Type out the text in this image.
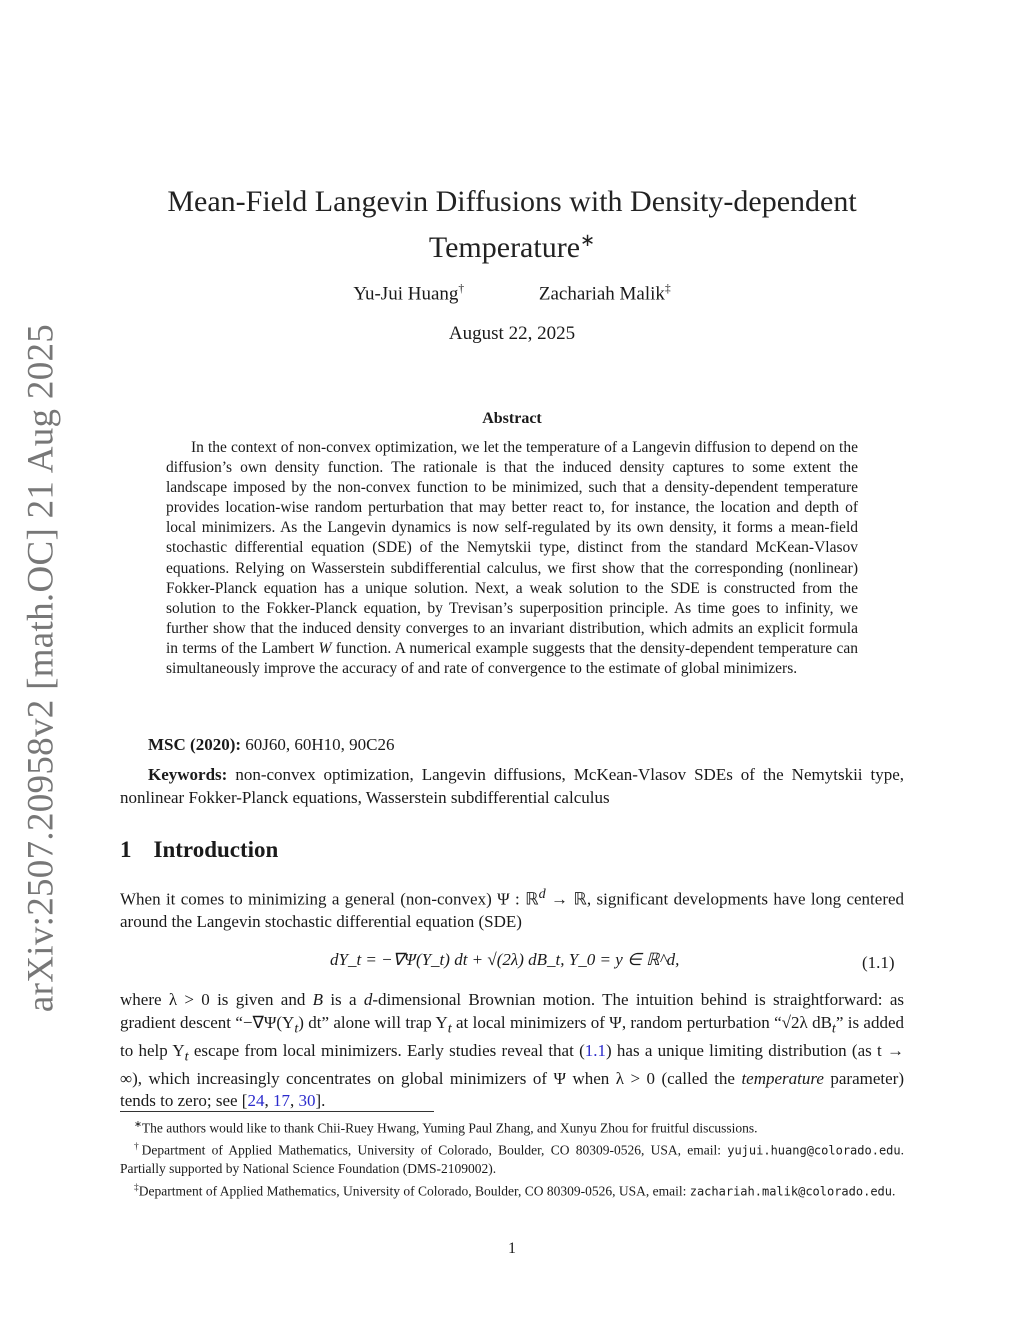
arXiv:2507.20958v2 [math.OC] 21 Aug 2025
Mean-Field Langevin Diffusions with Density-dependent Temperature∗
Yu-Jui Huang†	Zachariah Malik‡
August 22, 2025
Abstract
In the context of non-convex optimization, we let the temperature of a Langevin diffusion to depend on the diffusion’s own density function. The rationale is that the induced density captures to some extent the landscape imposed by the non-convex function to be minimized, such that a density-dependent temperature provides location-wise random perturbation that may better react to, for instance, the location and depth of local minimizers. As the Langevin dynamics is now self-regulated by its own density, it forms a mean-field stochastic differential equation (SDE) of the Nemytskii type, distinct from the standard McKean-Vlasov equations. Relying on Wasserstein subdifferential calculus, we first show that the corresponding (nonlinear) Fokker-Planck equation has a unique solution. Next, a weak solution to the SDE is constructed from the solution to the Fokker-Planck equation, by Trevisan’s superposition principle. As time goes to infinity, we further show that the induced density converges to an invariant distribution, which admits an explicit formula in terms of the Lambert W function. A numerical example suggests that the density-dependent temperature can simultaneously improve the accuracy of and rate of convergence to the estimate of global minimizers.
MSC (2020): 60J60, 60H10, 90C26
Keywords: non-convex optimization, Langevin diffusions, McKean-Vlasov SDEs of the Nemytskii type, nonlinear Fokker-Planck equations, Wasserstein subdifferential calculus
1 Introduction
When it comes to minimizing a general (non-convex) Ψ : ℝ$^d$ → ℝ, significant developments have long centered around the Langevin stochastic differential equation (SDE)
dY_t = −∇Ψ(Y_t) dt + √(2λ) dB_t, Y_0 = y ∈ ℝ^d,	(1.1)
where λ > 0 is given and B is a d-dimensional Brownian motion. The intuition behind is straightforward: as gradient descent “$-\nabla\Psi(Y_t)$ dt” alone will trap $Y_t$ at local minimizers of Ψ, random perturbation “√2λ $dB_t$” is added to help $Y_t$ escape from local minimizers. Early studies reveal that (1.1) has a unique limiting distribution (as t → ∞), which increasingly concentrates on global minimizers of Ψ when λ > 0 (called the temperature parameter) tends to zero; see [24, 17, 30].

∗The authors would like to thank Chii-Ruey Hwang, Yuming Paul Zhang, and Xunyu Zhou for fruitful discussions.

†Department of Applied Mathematics, University of Colorado, Boulder, CO 80309-0526, USA, email: yujui.huang@colorado.edu. Partially supported by National Science Foundation (DMS-2109002).

‡Department of Applied Mathematics, University of Colorado, Boulder, CO 80309-0526, USA, email: zachariah.malik@colorado.edu.

1
